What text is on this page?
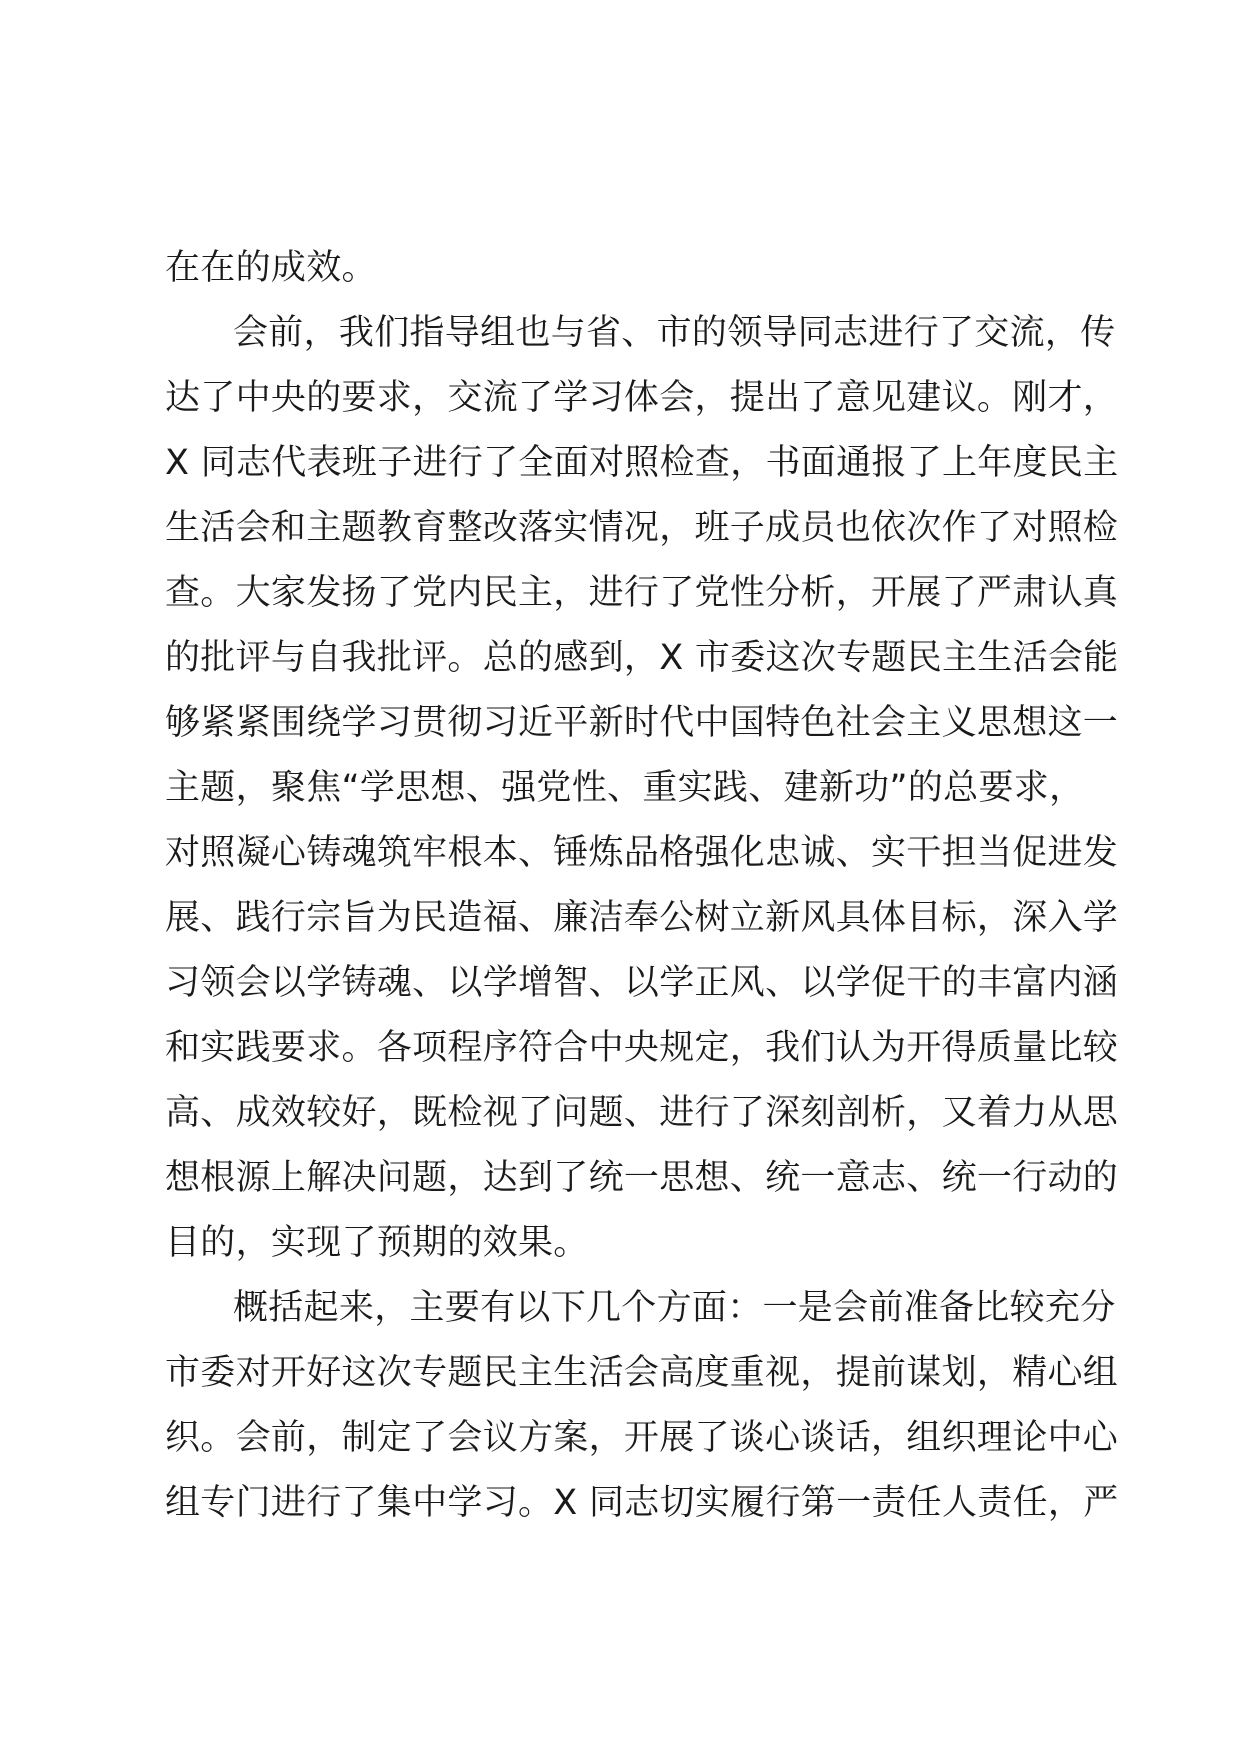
在在的成效。
会前，我们指导组也与省、市的领导同志进行了交流，传
达了中央的要求，交流了学习体会，提出了意见建议。刚才，
X 同志代表班子进行了全面对照检查，书面通报了上年度民主
生活会和主题教育整改落实情况，班子成员也依次作了对照检
查。大家发扬了党内民主，进行了党性分析，开展了严肃认真
的批评与自我批评。总的感到，X 市委这次专题民主生活会能
够紧紧围绕学习贯彻习近平新时代中国特色社会主义思想这一
主题，聚焦“学思想、强党性、重实践、建新功”的总要求，
对照凝心铸魂筑牢根本、锤炼品格强化忠诚、实干担当促进发
展、践行宗旨为民造福、廉洁奉公树立新风具体目标，深入学
习领会以学铸魂、以学增智、以学正风、以学促干的丰富内涵
和实践要求。各项程序符合中央规定，我们认为开得质量比较
高、成效较好，既检视了问题、进行了深刻剖析，又着力从思
想根源上解决问题，达到了统一思想、统一意志、统一行动的
目的，实现了预期的效果。
概括起来，主要有以下几个方面：一是会前准备比较充分
市委对开好这次专题民主生活会高度重视，提前谋划，精心组
织。会前，制定了会议方案，开展了谈心谈话，组织理论中心
组专门进行了集中学习。X 同志切实履行第一责任人责任，严
